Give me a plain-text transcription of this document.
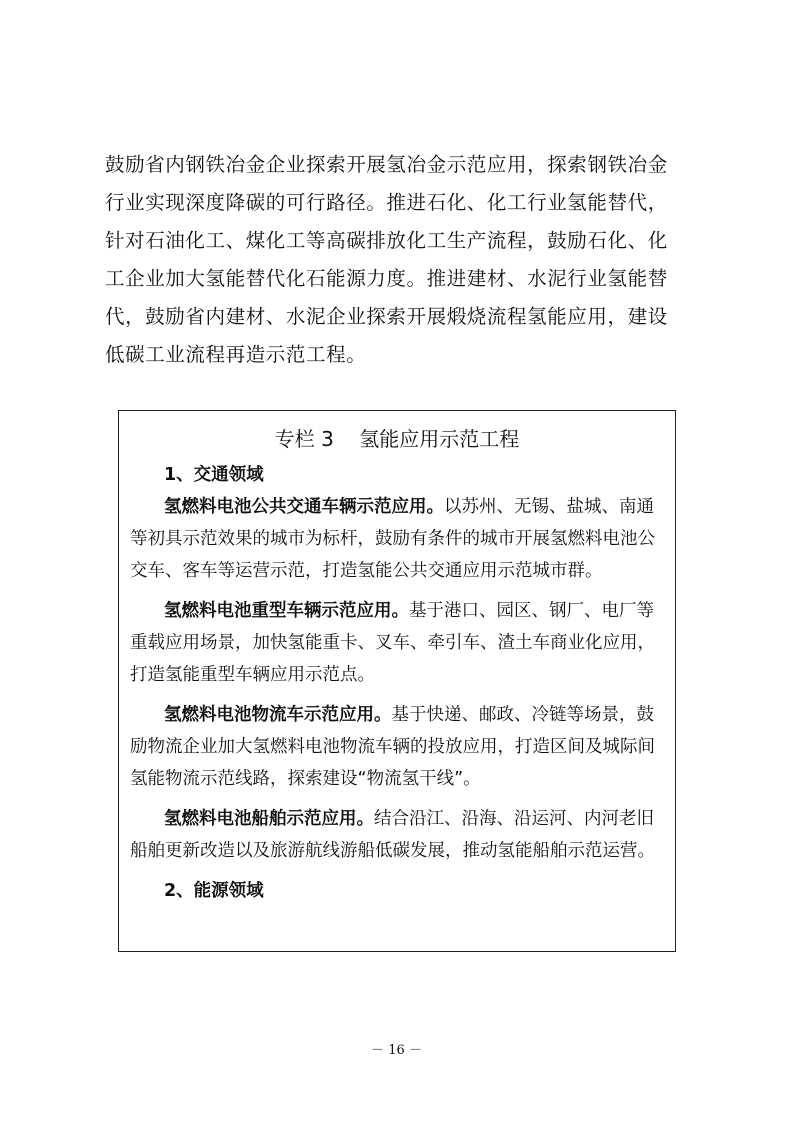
鼓励省内钢铁冶金企业探索开展氢冶金示范应用，探索钢铁冶金
行业实现深度降碳的可行路径。推进石化、化工行业氢能替代，
针对石油化工、煤化工等高碳排放化工生产流程，鼓励石化、化
工企业加大氢能替代化石能源力度。推进建材、水泥行业氢能替
代，鼓励省内建材、水泥企业探索开展煅烧流程氢能应用，建设
低碳工业流程再造示范工程。
专栏 3    氢能应用示范工程
1、交通领域
氢燃料电池公共交通车辆示范应用。以苏州、无锡、盐城、南通
等初具示范效果的城市为标杆，鼓励有条件的城市开展氢燃料电池公
交车、客车等运营示范，打造氢能公共交通应用示范城市群。
氢燃料电池重型车辆示范应用。基于港口、园区、钢厂、电厂等
重载应用场景，加快氢能重卡、叉车、牵引车、渣土车商业化应用，
打造氢能重型车辆应用示范点。
氢燃料电池物流车示范应用。基于快递、邮政、冷链等场景，鼓
励物流企业加大氢燃料电池物流车辆的投放应用，打造区间及城际间
氢能物流示范线路，探索建设“物流氢干线”。
氢燃料电池船舶示范应用。结合沿江、沿海、沿运河、内河老旧
船舶更新改造以及旅游航线游船低碳发展，推动氢能船舶示范运营。
2、能源领域
－ 16 －
